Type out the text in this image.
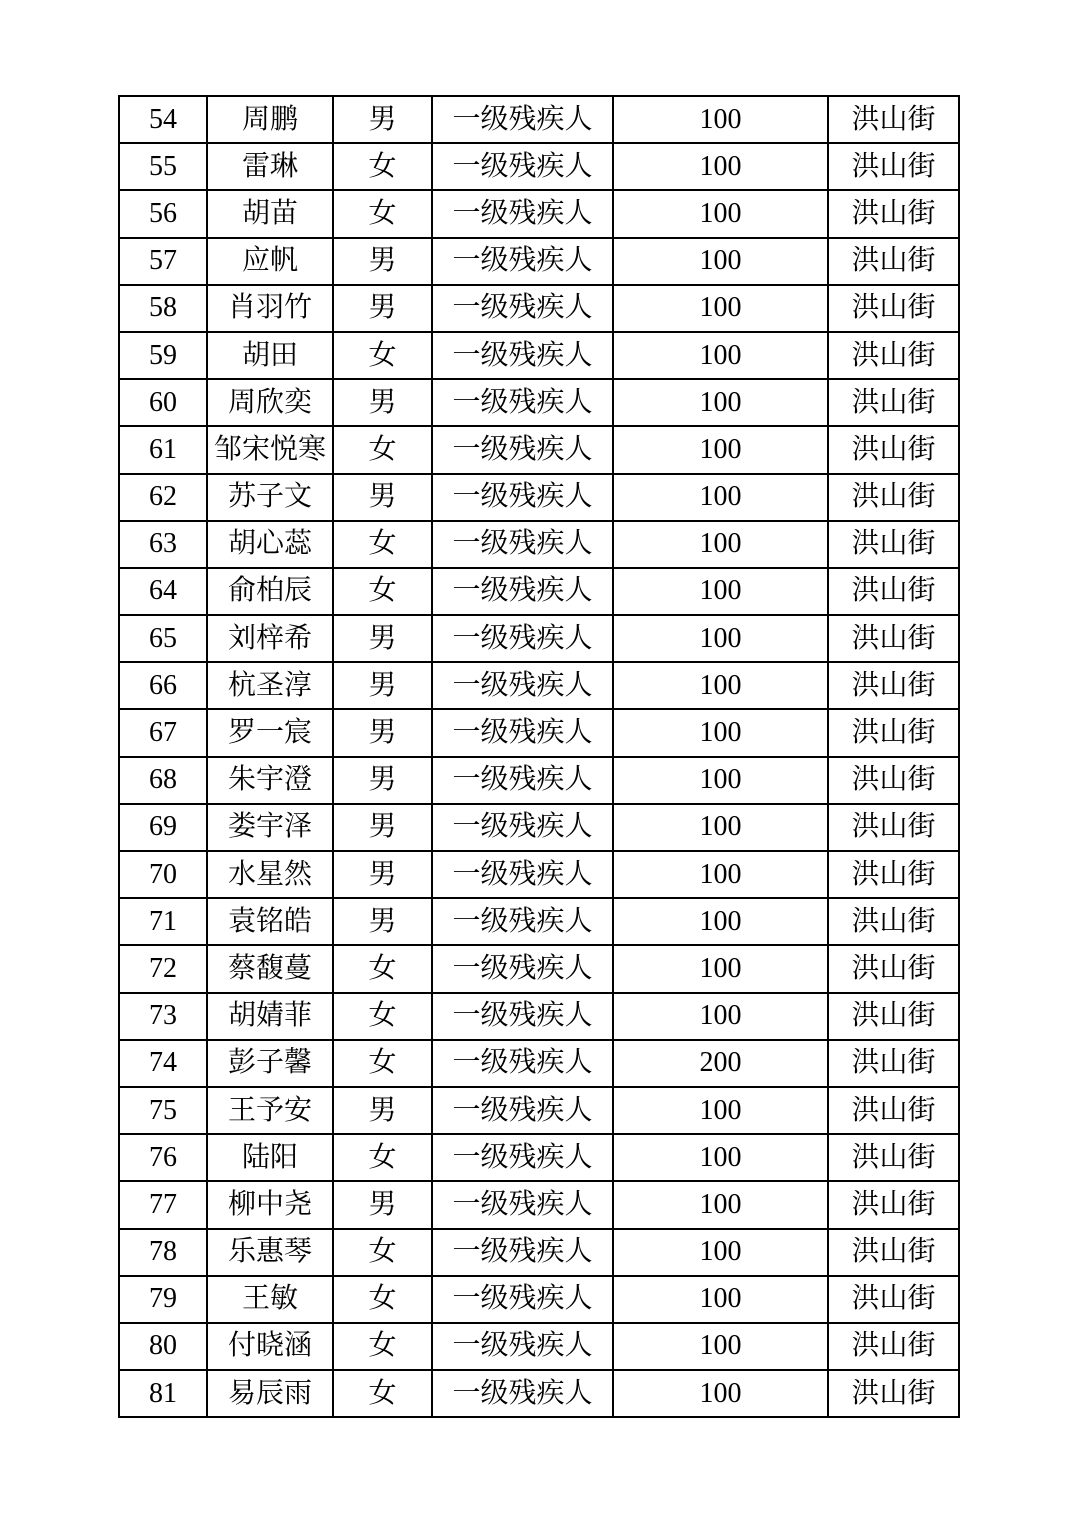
54	周鹏	男	一级残疾人	100	洪山街
55	雷琳	女	一级残疾人	100	洪山街
56	胡苗	女	一级残疾人	100	洪山街
57	应帆	男	一级残疾人	100	洪山街
58	肖羽竹	男	一级残疾人	100	洪山街
59	胡田	女	一级残疾人	100	洪山街
60	周欣奕	男	一级残疾人	100	洪山街
61	邹宋悦寒	女	一级残疾人	100	洪山街
62	苏子文	男	一级残疾人	100	洪山街
63	胡心蕊	女	一级残疾人	100	洪山街
64	俞柏辰	女	一级残疾人	100	洪山街
65	刘梓希	男	一级残疾人	100	洪山街
66	杭圣淳	男	一级残疾人	100	洪山街
67	罗一宸	男	一级残疾人	100	洪山街
68	朱宇澄	男	一级残疾人	100	洪山街
69	娄宇泽	男	一级残疾人	100	洪山街
70	水星然	男	一级残疾人	100	洪山街
71	袁铭皓	男	一级残疾人	100	洪山街
72	蔡馥蔓	女	一级残疾人	100	洪山街
73	胡婧菲	女	一级残疾人	100	洪山街
74	彭子馨	女	一级残疾人	200	洪山街
75	王予安	男	一级残疾人	100	洪山街
76	陆阳	女	一级残疾人	100	洪山街
77	柳中尧	男	一级残疾人	100	洪山街
78	乐惠琴	女	一级残疾人	100	洪山街
79	王敏	女	一级残疾人	100	洪山街
80	付晓涵	女	一级残疾人	100	洪山街
81	易辰雨	女	一级残疾人	100	洪山街
